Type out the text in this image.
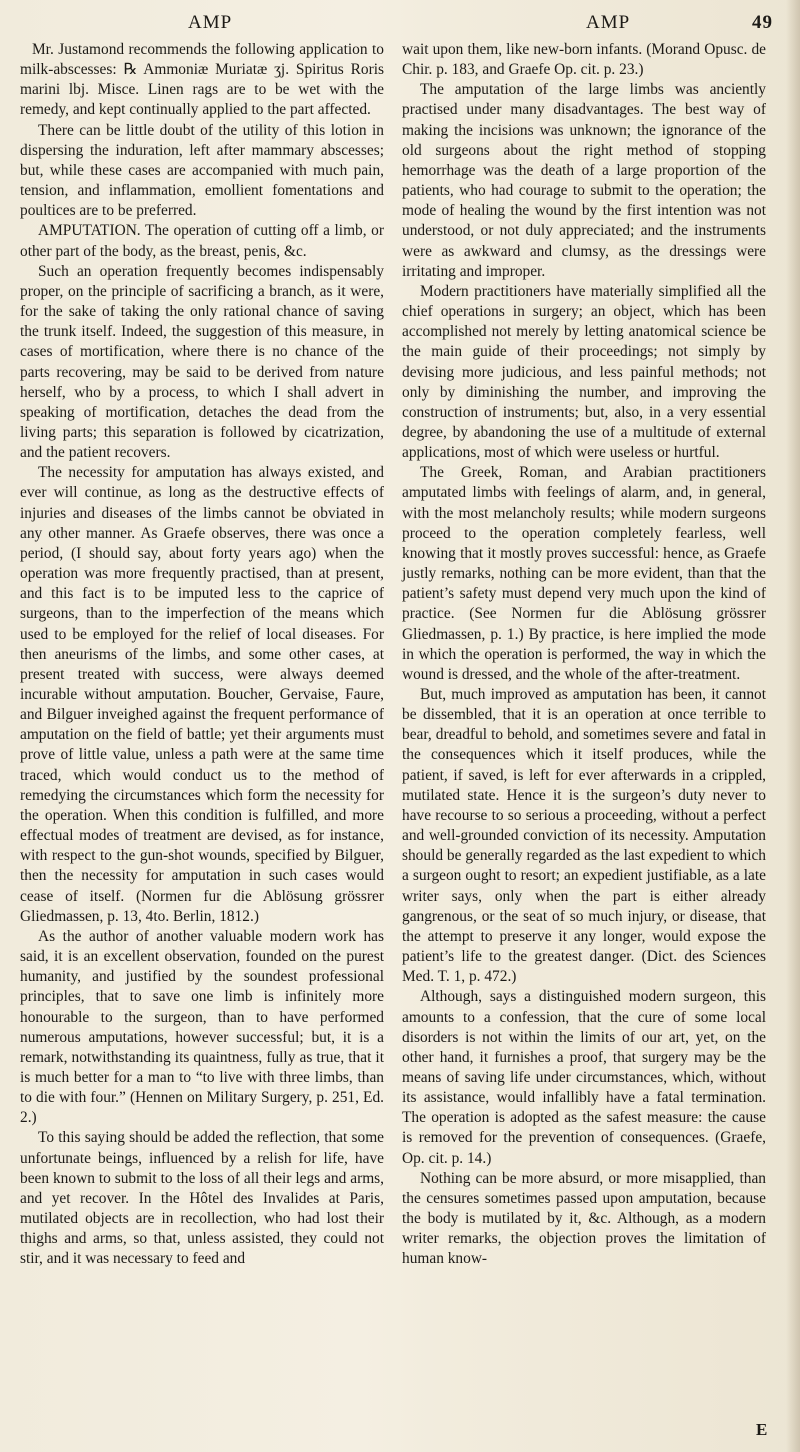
AMP	AMP	49

Mr. Justamond recommends the following application to milk-abscesses: ℞ Ammoniæ Muriatæ ʒj. Spiritus Roris marini lbj. Misce. Linen rags are to be wet with the remedy, and kept continually applied to the part affected.

There can be little doubt of the utility of this lotion in dispersing the induration, left after mammary abscesses; but, while these cases are accompanied with much pain, tension, and inflammation, emollient fomentations and poultices are to be preferred.

AMPUTATION. The operation of cutting off a limb, or other part of the body, as the breast, penis, &c.

Such an operation frequently becomes indispensably proper, on the principle of sacrificing a branch, as it were, for the sake of taking the only rational chance of saving the trunk itself. Indeed, the suggestion of this measure, in cases of mortification, where there is no chance of the parts recovering, may be said to be derived from nature herself, who by a process, to which I shall advert in speaking of mortification, detaches the dead from the living parts; this separation is followed by cicatrization, and the patient recovers.

The necessity for amputation has always existed, and ever will continue, as long as the destructive effects of injuries and diseases of the limbs cannot be obviated in any other manner. As Graefe observes, there was once a period, (I should say, about forty years ago) when the operation was more frequently practised, than at present, and this fact is to be imputed less to the caprice of surgeons, than to the imperfection of the means which used to be employed for the relief of local diseases. For then aneurisms of the limbs, and some other cases, at present treated with success, were always deemed incurable without amputation. Boucher, Gervaise, Faure, and Bilguer inveighed against the frequent performance of amputation on the field of battle; yet their arguments must prove of little value, unless a path were at the same time traced, which would conduct us to the method of remedying the circumstances which form the necessity for the operation. When this condition is fulfilled, and more effectual modes of treatment are devised, as for instance, with respect to the gun-shot wounds, specified by Bilguer, then the necessity for amputation in such cases would cease of itself. (Normen fur die Ablösung grössrer Gliedmassen, p. 13, 4to. Berlin, 1812.)

As the author of another valuable modern work has said, it is an excellent observation, founded on the purest humanity, and justified by the soundest professional principles, that to save one limb is infinitely more honourable to the surgeon, than to have performed numerous amputations, however successful; but, it is a remark, notwithstanding its quaintness, fully as true, that it is much better for a man to “to live with three limbs, than to die with four.” (Hennen on Military Surgery, p. 251, Ed. 2.)

To this saying should be added the reflection, that some unfortunate beings, influenced by a relish for life, have been known to submit to the loss of all their legs and arms, and yet recover. In the Hôtel des Invalides at Paris, mutilated objects are in recollection, who had lost their thighs and arms, so that, unless assisted, they could not stir, and it was necessary to feed and

wait upon them, like new-born infants. (Morand Opusc. de Chir. p. 183, and Graefe Op. cit. p. 23.)

The amputation of the large limbs was anciently practised under many disadvantages. The best way of making the incisions was unknown; the ignorance of the old surgeons about the right method of stopping hemorrhage was the death of a large proportion of the patients, who had courage to submit to the operation; the mode of healing the wound by the first intention was not understood, or not duly appreciated; and the instruments were as awkward and clumsy, as the dressings were irritating and improper.

Modern practitioners have materially simplified all the chief operations in surgery; an object, which has been accomplished not merely by letting anatomical science be the main guide of their proceedings; not simply by devising more judicious, and less painful methods; not only by diminishing the number, and improving the construction of instruments; but, also, in a very essential degree, by abandoning the use of a multitude of external applications, most of which were useless or hurtful.

The Greek, Roman, and Arabian practitioners amputated limbs with feelings of alarm, and, in general, with the most melancholy results; while modern surgeons proceed to the operation completely fearless, well knowing that it mostly proves successful: hence, as Graefe justly remarks, nothing can be more evident, than that the patient’s safety must depend very much upon the kind of practice. (See Normen fur die Ablösung grössrer Gliedmassen, p. 1.) By practice, is here implied the mode in which the operation is performed, the way in which the wound is dressed, and the whole of the after-treatment.

But, much improved as amputation has been, it cannot be dissembled, that it is an operation at once terrible to bear, dreadful to behold, and sometimes severe and fatal in the consequences which it itself produces, while the patient, if saved, is left for ever afterwards in a crippled, mutilated state. Hence it is the surgeon’s duty never to have recourse to so serious a proceeding, without a perfect and well-grounded conviction of its necessity. Amputation should be generally regarded as the last expedient to which a surgeon ought to resort; an expedient justifiable, as a late writer says, only when the part is either already gangrenous, or the seat of so much injury, or disease, that the attempt to preserve it any longer, would expose the patient’s life to the greatest danger. (Dict. des Sciences Med. T. 1, p. 472.)

Although, says a distinguished modern surgeon, this amounts to a confession, that the cure of some local disorders is not within the limits of our art, yet, on the other hand, it furnishes a proof, that surgery may be the means of saving life under circumstances, which, without its assistance, would infallibly have a fatal termination. The operation is adopted as the safest measure: the cause is removed for the prevention of consequences. (Graefe, Op. cit. p. 14.)

Nothing can be more absurd, or more misapplied, than the censures sometimes passed upon amputation, because the body is mutilated by it, &c. Although, as a modern writer remarks, the objection proves the limitation of human know-

E
